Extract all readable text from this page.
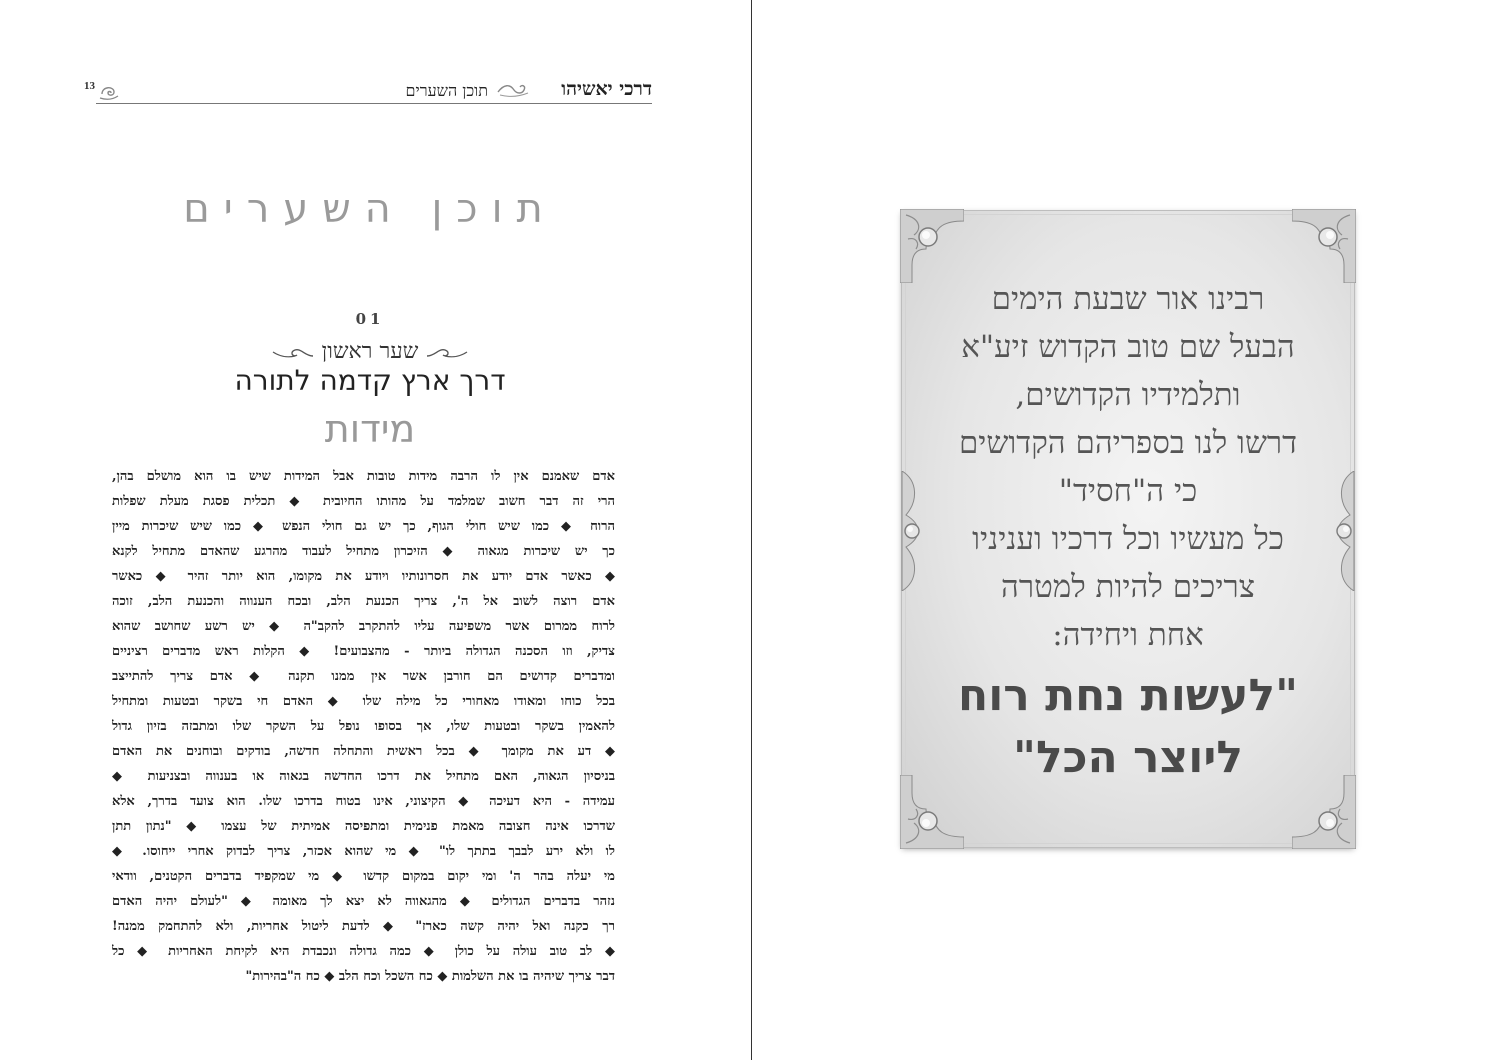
13	תוכן השערים	דרכי יאשיהו
תוכן השערים
01
שער ראשון
דרך ארץ קדמה לתורה
מידות
אדם שאמנם אין לו הרבה מידות טובות אבל המידות שיש בו הוא מושלם בהן,
הרי זה דבר חשוב שמלמד על מהותו החיובית ◆ תכלית פסגת מעלת שפלות
הרוח ◆ כמו שיש חולי הגוף, כך יש גם חולי הנפש ◆ כמו שיש שיכרות מיין
כך יש שיכרות מגאוה ◆ הזיכרון מתחיל לעבוד מהרגע שהאדם מתחיל לקנא
◆ כאשר אדם יודע את חסרונותיו ויודע את מקומו, הוא יותר זהיר ◆ כאשר
אדם רוצה לשוב אל ה', צריך הכנעת הלב, ובכח הענווה והכנעת הלב, זוכה
לרוח ממרום אשר משפיעה עליו להתקרב להקב"ה ◆ יש רשע שחושב שהוא
צדיק, וזו הסכנה הגדולה ביותר - מהצבועים! ◆ הקלות ראש מדברים רציניים
ומדברים קדושים הם חורבן אשר אין ממנו תקנה ◆ אדם צריך להתייצב
בכל כוחו ומאודו מאחורי כל מילה שלו ◆ האדם חי בשקר ובטעות ומתחיל
להאמין בשקר ובטעות שלו, אך בסופו נופל על השקר שלו ומתבזה בזיון גדול
◆ דע את מקומך ◆ בכל ראשית והתחלה חדשה, בודקים ובוחנים את האדם
בניסיון הגאוה, האם מתחיל את דרכו החדשה בגאוה או בענווה ובצניעות ◆
עמידה - היא דעיכה ◆ הקיצוני, אינו בטוח בדרכו שלו. הוא צועד בדרך, אלא
שדרכו אינה חצובה מאמת פנימית ומתפיסה אמיתית של עצמו ◆ "נתון תתן
לו ולא ירע לבבך בתתך לו" ◆ מי שהוא אכזר, צריך לבדוק אחרי ייחוסו. ◆
מי יעלה בהר ה' ומי יקום במקום קדשו ◆ מי שמקפיד בדברים הקטנים, וודאי
נזהר בדברים הגדולים ◆ מהגאווה לא יצא לך מאומה ◆ "לעולם יהיה האדם
רך כקנה ואל יהיה קשה כארז" ◆ לדעת ליטול אחריות, ולא להתחמק ממנה!
◆ לב טוב עולה על כולן ◆ כמה גדולה ונכבדת היא לקיחת האחריות ◆ כל
דבר צריך שיהיה בו את השלמות ◆ כח השכל וכח הלב ◆ כח ה"בהירות"
רבינו אור שבעת הימים
הבעל שם טוב הקדוש זיע"א
ותלמידיו הקדושים,
דרשו לנו בספריהם הקדושים
כי ה"חסיד"
כל מעשיו וכל דרכיו ועניניו
צריכים להיות למטרה
אחת ויחידה:
"לעשות נחת רוח
ליוצר הכל"
